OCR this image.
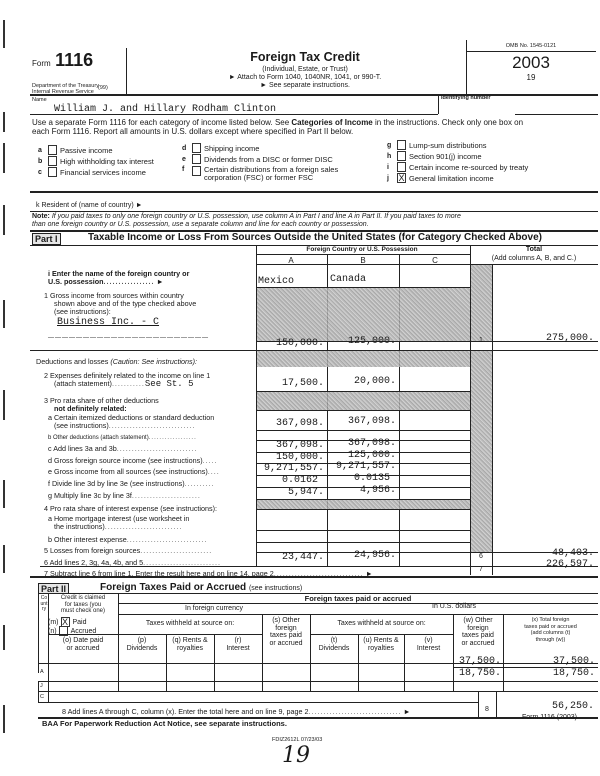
Form 1116
Department of the Treasury
Internal Revenue Service
(99)
Foreign Tax Credit
(Individual, Estate, or Trust)
► Attach to Form 1040, 1040NR, 1041, or 990-T.
► See separate instructions.
OMB No. 1545-0121
2003
19
Name
William J. and Hillary Rodham Clinton
Identifying number
Use a separate Form 1116 for each category of income listed below. See Categories of Income in the instructions. Check only one box on
each Form 1116. Report all amounts in U.S. dollars except where specified in Part II below.
a	Passive income
b	High withholding tax interest
c	Financial services income
d	Shipping income
e	Dividends from a DISC or former DISC
f	Certain distributions from a foreign sales
corporation (FSC) or former FSC
g	Lump-sum distributions
h	Section 901(j) income
i	Certain income re-sourced by treaty
j	X General limitation income
k Resident of (name of country) ►
Note: If you paid taxes to only one foreign country or U.S. possession, use column A in Part I and line A in Part II. If you paid taxes to more
than one foreign country or U.S. possession, use a separate column and line for each country or possession.
Part I	Taxable Income or Loss From Sources Outside the United States (for Category Checked Above)
Foreign Country or U.S. Possession	Total
A	B	C	(Add columns A, B, and C.)
i Enter the name of the foreign country or
U.S. possession................. ►	Mexico	Canada
1 Gross income from sources within country
shown above and of the type checked above
(see instructions):
Business Inc. - C
_______________________
150,000.	125,000.	1	275,000.
Deductions and losses (Caution: See instructions):
2 Expenses definitely related to the income on line 1
(attach statement)...........See St. 5	17,500.	20,000.
3 Pro rata share of other deductions
not definitely related:
a Certain itemized deductions or standard deduction
(see instructions).............................	367,098.	367,098.
b Other deductions (attach statement)..................
c Add lines 3a and 3b...........................	367,098.	367,098.
d Gross foreign source income (see instructions).....	150,000.	125,000.
e Gross income from all sources (see instructions)....	9,271,557.	9,271,557.
f Divide line 3d by line 3e (see instructions)..........	0.0162	0.0135
g Multiply line 3c by line 3f.......................	5,947.	4,956.
4 Pro rata share of interest expense (see instructions):
a Home mortgage interest (use worksheet in
the instructions)..........................
b Other interest expense...........................
5 Losses from foreign sources........................
6 Add lines 2, 3g, 4a, 4b, and 5..........................	23,447.	24,956.	6	48,403.
7 Subtract line 6 from line 1. Enter the result here and on line 14, page 2.............................. ►	7	226,597.
Part II	Foreign Taxes Paid or Accrued (see instructions)
Foreign taxes paid or accrued
In foreign currency	In U.S. dollars
Country
Credit is claimed
for taxes (you
must check one)
(m) X Paid
(n) Accrued
Taxes withheld at source on:	Taxes withheld at source on:
(o) Date paid
or accrued
(p)
Dividends
(q) Rents &
royalties
(r)
Interest
(s) Other
foreign
taxes paid
or accrued	(t)
Dividends
(u) Rents &
royalties
(v)
Interest
(w) Other
foreign
taxes paid
or accrued
(x) Total foreign
taxes paid or accrued
(add columns (t)
through (w))
37,500.	37,500.
A	18,750.	18,750.
J
C
8 Add lines A through C, column (x). Enter the total here and on line 9, page 2............................... ►	8	56,250.
BAA For Paperwork Reduction Act Notice, see separate instructions.
Form 1116 (2003)
FDIZ2612L 07/23/03
19
